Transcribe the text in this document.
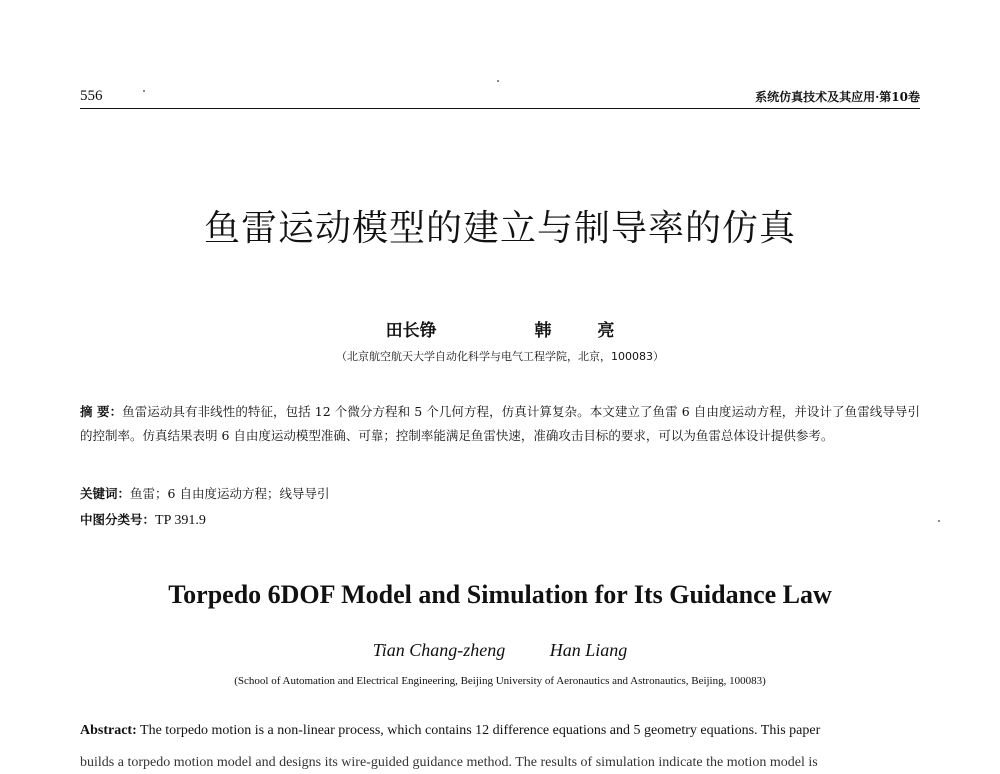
556	系统仿真技术及其应用·第10卷
鱼雷运动模型的建立与制导率的仿真
田长铮	韩 亮
（北京航空航天大学自动化科学与电气工程学院，北京，100083）
摘 要：鱼雷运动具有非线性的特征，包括 12 个微分方程和 5 个几何方程，仿真计算复杂。本文建立了鱼雷 6 自由度运动方程，并设计了鱼雷线导导引的控制率。仿真结果表明 6 自由度运动模型准确、可靠；控制率能满足鱼雷快速，准确攻击目标的要求，可以为鱼雷总体设计提供参考。
关键词：鱼雷；6 自由度运动方程；线导导引
中图分类号：TP 391.9
Torpedo 6DOF Model and Simulation for Its Guidance Law
Tian Chang-zheng Han Liang
(School of Automation and Electrical Engineering, Beijing University of Aeronautics and Astronautics, Beijing, 100083)
Abstract: The torpedo motion is a non-linear process, which contains 12 difference equations and 5 geometry equations. This paper
builds a torpedo motion model and designs its wire-guided guidance method. The results of simulation indicate the motion model is
